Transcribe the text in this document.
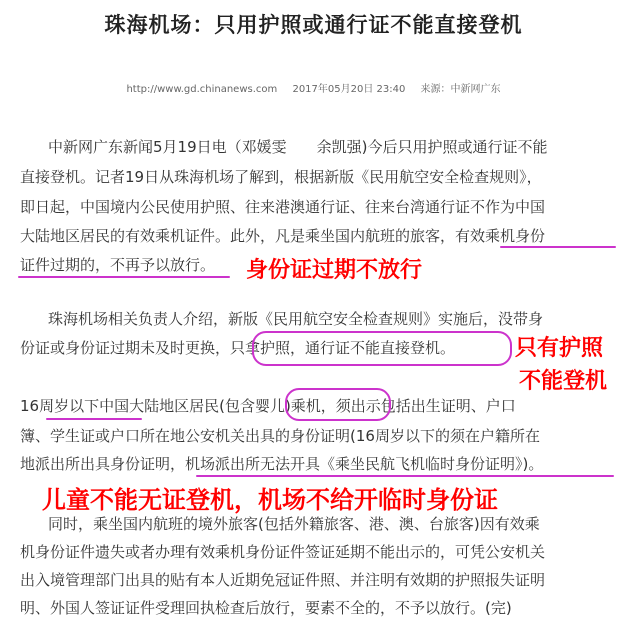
珠海机场：只用护照或通行证不能直接登机
http://www.gd.chinanews.com 2017年05月20日 23:40 来源：中新网广东
中新网广东新闻5月19日电（邓媛雯　　余凯强)今后只用护照或通行证不能
直接登机。记者19日从珠海机场了解到，根据新版《民用航空安全检查规则》，
即日起，中国境内公民使用护照、往来港澳通行证、往来台湾通行证不作为中国
大陆地区居民的有效乘机证件。此外，凡是乘坐国内航班的旅客，有效乘机身份
证件过期的，不再予以放行。 身份证过期不放行
珠海机场相关负责人介绍，新版《民用航空安全检查规则》实施后，没带身
份证或身份证过期未及时更换，只拿护照，通行证不能直接登机。	只有护照
不能登机
16周岁以下中国大陆地区居民(包含婴儿)乘机，须出示包括出生证明、户口
簿、学生证或户口所在地公安机关出具的身份证明(16周岁以下的须在户籍所在
地派出所出具身份证明，机场派出所无法开具《乘坐民航飞机临时身份证明》)。
儿童不能无证登机，机场不给开临时身份证
同时，乘坐国内航班的境外旅客(包括外籍旅客、港、澳、台旅客)因有效乘
机身份证件遗失或者办理有效乘机身份证件签证延期不能出示的，可凭公安机关
出入境管理部门出具的贴有本人近期免冠证件照、并注明有效期的护照报失证明
明、外国人签证证件受理回执检查后放行，要素不全的，不予以放行。(完)
